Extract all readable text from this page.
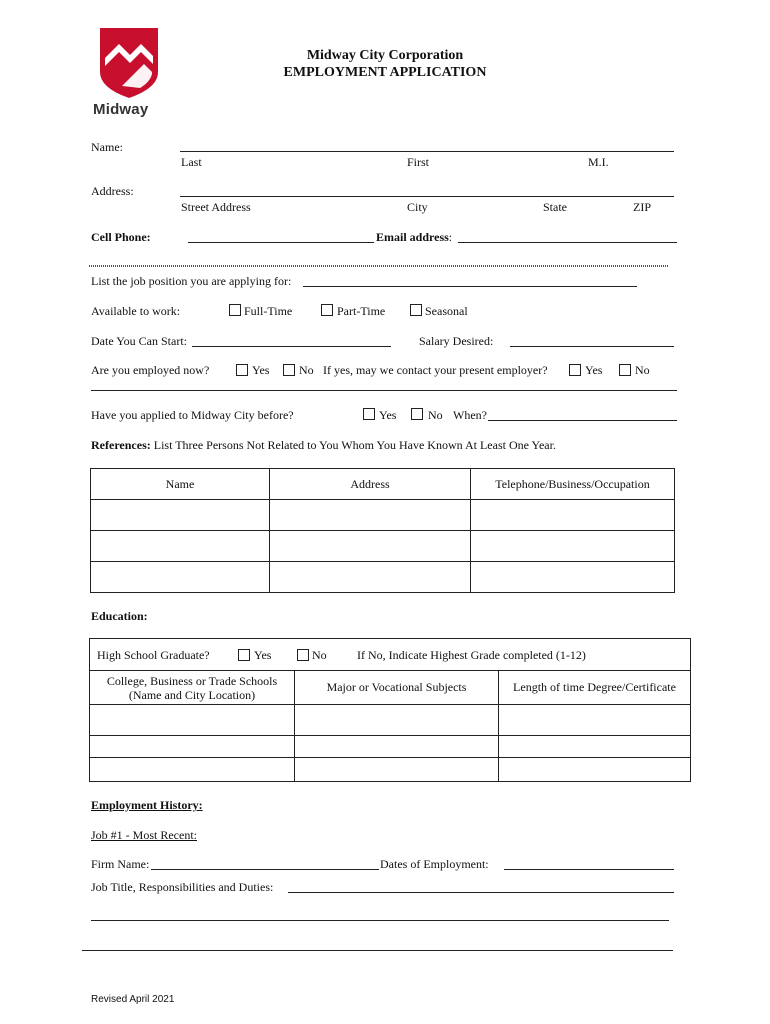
Midway
Midway City Corporation
EMPLOYMENT APPLICATION
Name:
Last	First	M.I.
Address:
Street Address	City	State	ZIP
Cell Phone:	Email address:
List the job position you are applying for:
Available to work:	Full-Time	Part-Time	Seasonal
Date You Can Start:	Salary Desired:
Are you employed now?	Yes No If yes, may we contact your present employer?	Yes	No
Have you applied to Midway City before?	Yes	No When?
References: List Three Persons Not Related to You Whom You Have Known At Least One Year.
Name	Address	Telephone/Business/Occupation

Education:
High School Graduate? Yes No If No, Indicate Highest Grade completed (1-12)		

College, Business or Trade Schools
(Name and City Location)	Major or Vocational Subjects	Length of time Degree/Certificate

Employment History:
Job #1 - Most Recent:
Firm Name:	Dates of Employment:
Job Title, Responsibilities and Duties:
Revised April 2021
